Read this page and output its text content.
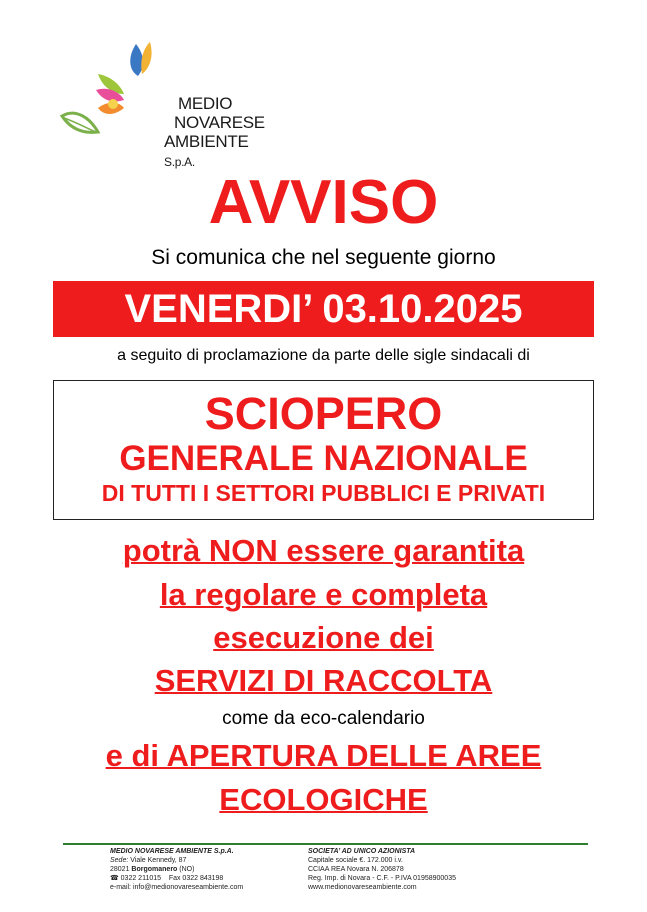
MEDIO
NOVARESE
AMBIENTE S.p.A.
AVVISO
Si comunica che nel seguente giorno
VENERDI’ 03.10.2025
a seguito di proclamazione da parte delle sigle sindacali di
SCIOPERO
GENERALE NAZIONALE
DI TUTTI I SETTORI PUBBLICI E PRIVATI
potrà NON essere garantita
la regolare e completa
esecuzione dei
SERVIZI DI RACCOLTA
come da eco-calendario
e di APERTURA DELLE AREE
ECOLOGICHE
MEDIO NOVARESE AMBIENTE S.p.A.
Sede: Viale Kennedy, 87
28021 Borgomanero (NO)
☎ 0322 211015 Fax 0322 843198
e-mail: info@medionovareseambiente.com
SOCIETA’ AD UNICO AZIONISTA
Capitale sociale €. 172.000 i.v.
CCIAA REA Novara N. 206878
Reg. Imp. di Novara - C.F. - P.IVA 01958900035
www.medionovareseambiente.com
